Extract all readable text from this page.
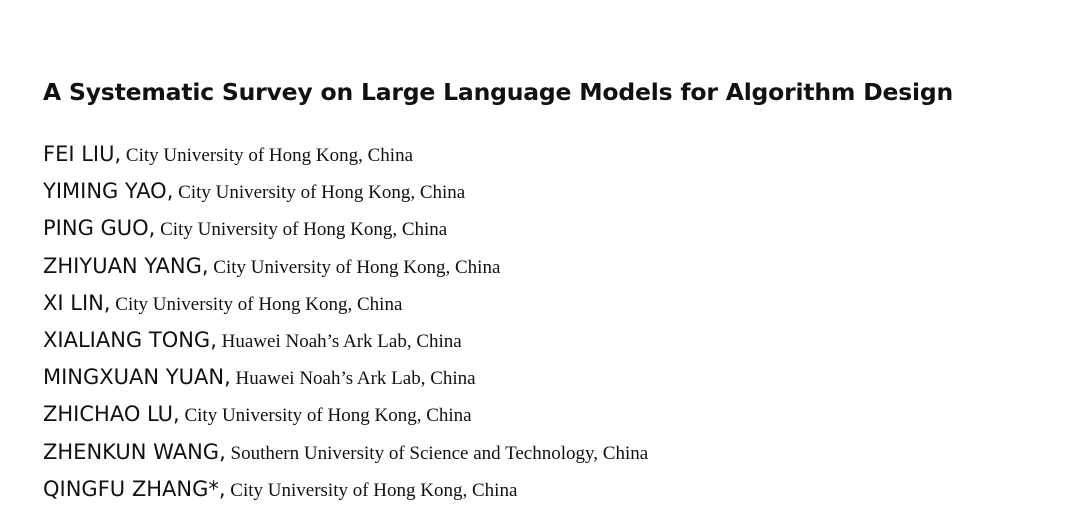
A Systematic Survey on Large Language Models for Algorithm Design
FEI LIU, City University of Hong Kong, China
YIMING YAO, City University of Hong Kong, China
PING GUO, City University of Hong Kong, China
ZHIYUAN YANG, City University of Hong Kong, China
XI LIN, City University of Hong Kong, China
XIALIANG TONG, Huawei Noah’s Ark Lab, China
MINGXUAN YUAN, Huawei Noah’s Ark Lab, China
ZHICHAO LU, City University of Hong Kong, China
ZHENKUN WANG, Southern University of Science and Technology, China
QINGFU ZHANG*, City University of Hong Kong, China
